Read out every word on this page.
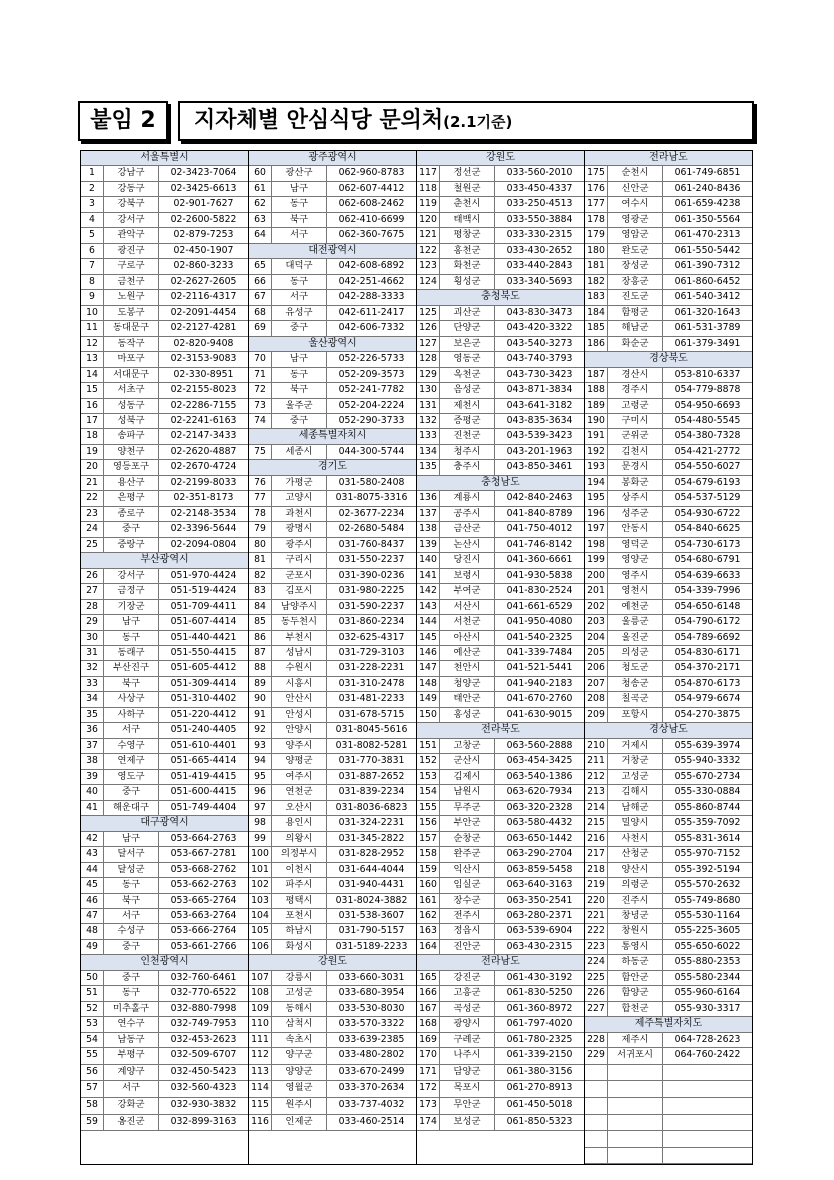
붙임 2	지자체별 안심식당 문의처(2.1기준)
서울특별시
1	강남구	02-3423-7064
2	강동구	02-3425-6613
3	강북구	02-901-7627
4	강서구	02-2600-5822
5	관악구	02-879-7253
6	광진구	02-450-1907
7	구로구	02-860-3233
8	금천구	02-2627-2605
9	노원구	02-2116-4317
10	도봉구	02-2091-4454
11	동대문구	02-2127-4281
12	동작구	02-820-9408
13	마포구	02-3153-9083
14	서대문구	02-330-8951
15	서초구	02-2155-8023
16	성동구	02-2286-7155
17	성북구	02-2241-6163
18	송파구	02-2147-3433
19	양천구	02-2620-4887
20	영등포구	02-2670-4724
21	용산구	02-2199-8033
22	은평구	02-351-8173
23	종로구	02-2148-3534
24	중구	02-3396-5644
25	중랑구	02-2094-0804
부산광역시
26	강서구	051-970-4424
27	금정구	051-519-4424
28	기장군	051-709-4411
29	남구	051-607-4414
30	동구	051-440-4421
31	동래구	051-550-4415
32	부산진구	051-605-4412
33	북구	051-309-4414
34	사상구	051-310-4402
35	사하구	051-220-4412
36	서구	051-240-4405
37	수영구	051-610-4401
38	연제구	051-665-4414
39	영도구	051-419-4415
40	중구	051-600-4415
41	해운대구	051-749-4404
대구광역시
42	남구	053-664-2763
43	달서구	053-667-2781
44	달성군	053-668-2762
45	동구	053-662-2763
46	북구	053-665-2764
47	서구	053-663-2764
48	수성구	053-666-2764
49	중구	053-661-2766
인천광역시
50	중구	032-760-6461
51	동구	032-770-6522
52	미추홀구	032-880-7998
53	연수구	032-749-7953
54	남동구	032-453-2623
55	부평구	032-509-6707
56	계양구	032-450-5423
57	서구	032-560-4323
58	강화군	032-930-3832
59	옹진군	032-899-3163
광주광역시
60	광산구	062-960-8783
61	남구	062-607-4412
62	동구	062-608-2462
63	북구	062-410-6699
64	서구	062-360-7675
대전광역시
65	대덕구	042-608-6892
66	동구	042-251-4662
67	서구	042-288-3333
68	유성구	042-611-2417
69	중구	042-606-7332
울산광역시
70	남구	052-226-5733
71	동구	052-209-3573
72	북구	052-241-7782
73	울주군	052-204-2224
74	중구	052-290-3733
세종특별자치시
75	세종시	044-300-5744
경기도
76	가평군	031-580-2408
77	고양시	031-8075-3316
78	과천시	02-3677-2234
79	광명시	02-2680-5484
80	광주시	031-760-8437
81	구리시	031-550-2237
82	군포시	031-390-0236
83	김포시	031-980-2225
84	남양주시	031-590-2237
85	동두천시	031-860-2234
86	부천시	032-625-4317
87	성남시	031-729-3103
88	수원시	031-228-2231
89	시흥시	031-310-2478
90	안산시	031-481-2233
91	안성시	031-678-5715
92	안양시	031-8045-5616
93	양주시	031-8082-5281
94	양평군	031-770-3831
95	여주시	031-887-2652
96	연천군	031-839-2234
97	오산시	031-8036-6823
98	용인시	031-324-2231
99	의왕시	031-345-2822
100	의정부시	031-828-2952
101	이천시	031-644-4044
102	파주시	031-940-4431
103	평택시	031-8024-3882
104	포천시	031-538-3607
105	하남시	031-790-5157
106	화성시	031-5189-2233
강원도
107	강릉시	033-660-3031
108	고성군	033-680-3954
109	동해시	033-530-8030
110	삼척시	033-570-3322
111	속초시	033-639-2385
112	양구군	033-480-2802
113	양양군	033-670-2499
114	영월군	033-370-2634
115	원주시	033-737-4032
116	인제군	033-460-2514
강원도
117	정선군	033-560-2010
118	철원군	033-450-4337
119	춘천시	033-250-4513
120	태백시	033-550-3884
121	평창군	033-330-2315
122	홍천군	033-430-2652
123	화천군	033-440-2843
124	횡성군	033-340-5693
충청북도
125	괴산군	043-830-3473
126	단양군	043-420-3322
127	보은군	043-540-3273
128	영동군	043-740-3793
129	옥천군	043-730-3423
130	음성군	043-871-3834
131	제천시	043-641-3182
132	증평군	043-835-3634
133	진천군	043-539-3423
134	청주시	043-201-1963
135	충주시	043-850-3461
충청남도
136	계룡시	042-840-2463
137	공주시	041-840-8789
138	금산군	041-750-4012
139	논산시	041-746-8142
140	당진시	041-360-6661
141	보령시	041-930-5838
142	부여군	041-830-2524
143	서산시	041-661-6529
144	서천군	041-950-4080
145	아산시	041-540-2325
146	예산군	041-339-7484
147	천안시	041-521-5441
148	청양군	041-940-2183
149	태안군	041-670-2760
150	홍성군	041-630-9015
전라북도
151	고창군	063-560-2888
152	군산시	063-454-3425
153	김제시	063-540-1386
154	남원시	063-620-7934
155	무주군	063-320-2328
156	부안군	063-580-4432
157	순창군	063-650-1442
158	완주군	063-290-2704
159	익산시	063-859-5458
160	임실군	063-640-3163
161	장수군	063-350-2541
162	전주시	063-280-2371
163	정읍시	063-539-6904
164	진안군	063-430-2315
전라남도
165	강진군	061-430-3192
166	고흥군	061-830-5250
167	곡성군	061-360-8972
168	광양시	061-797-4020
169	구례군	061-780-2325
170	나주시	061-339-2150
171	담양군	061-380-3156
172	목포시	061-270-8913
173	무안군	061-450-5018
174	보성군	061-850-5323
전라남도
175	순천시	061-749-6851
176	신안군	061-240-8436
177	여수시	061-659-4238
178	영광군	061-350-5564
179	영암군	061-470-2313
180	완도군	061-550-5442
181	장성군	061-390-7312
182	장흥군	061-860-6452
183	진도군	061-540-3412
184	함평군	061-320-1643
185	해남군	061-531-3789
186	화순군	061-379-3491
경상북도
187	경산시	053-810-6337
188	경주시	054-779-8878
189	고령군	054-950-6693
190	구미시	054-480-5545
191	군위군	054-380-7328
192	김천시	054-421-2772
193	문경시	054-550-6027
194	봉화군	054-679-6193
195	상주시	054-537-5129
196	성주군	054-930-6722
197	안동시	054-840-6625
198	영덕군	054-730-6173
199	영양군	054-680-6791
200	영주시	054-639-6633
201	영천시	054-339-7996
202	예천군	054-650-6148
203	울릉군	054-790-6172
204	울진군	054-789-6692
205	의성군	054-830-6171
206	청도군	054-370-2171
207	청송군	054-870-6173
208	칠곡군	054-979-6674
209	포항시	054-270-3875
경상남도
210	거제시	055-639-3974
211	거창군	055-940-3332
212	고성군	055-670-2734
213	김해시	055-330-0884
214	남해군	055-860-8744
215	밀양시	055-359-7092
216	사천시	055-831-3614
217	산청군	055-970-7152
218	양산시	055-392-5194
219	의령군	055-570-2632
220	진주시	055-749-8680
221	창녕군	055-530-1164
222	창원시	055-225-3605
223	통영시	055-650-6022
224	하동군	055-880-2353
225	함안군	055-580-2344
226	함양군	055-960-6164
227	합천군	055-930-3317
제주특별자치도
228	제주시	064-728-2623
229	서귀포시	064-760-2422
